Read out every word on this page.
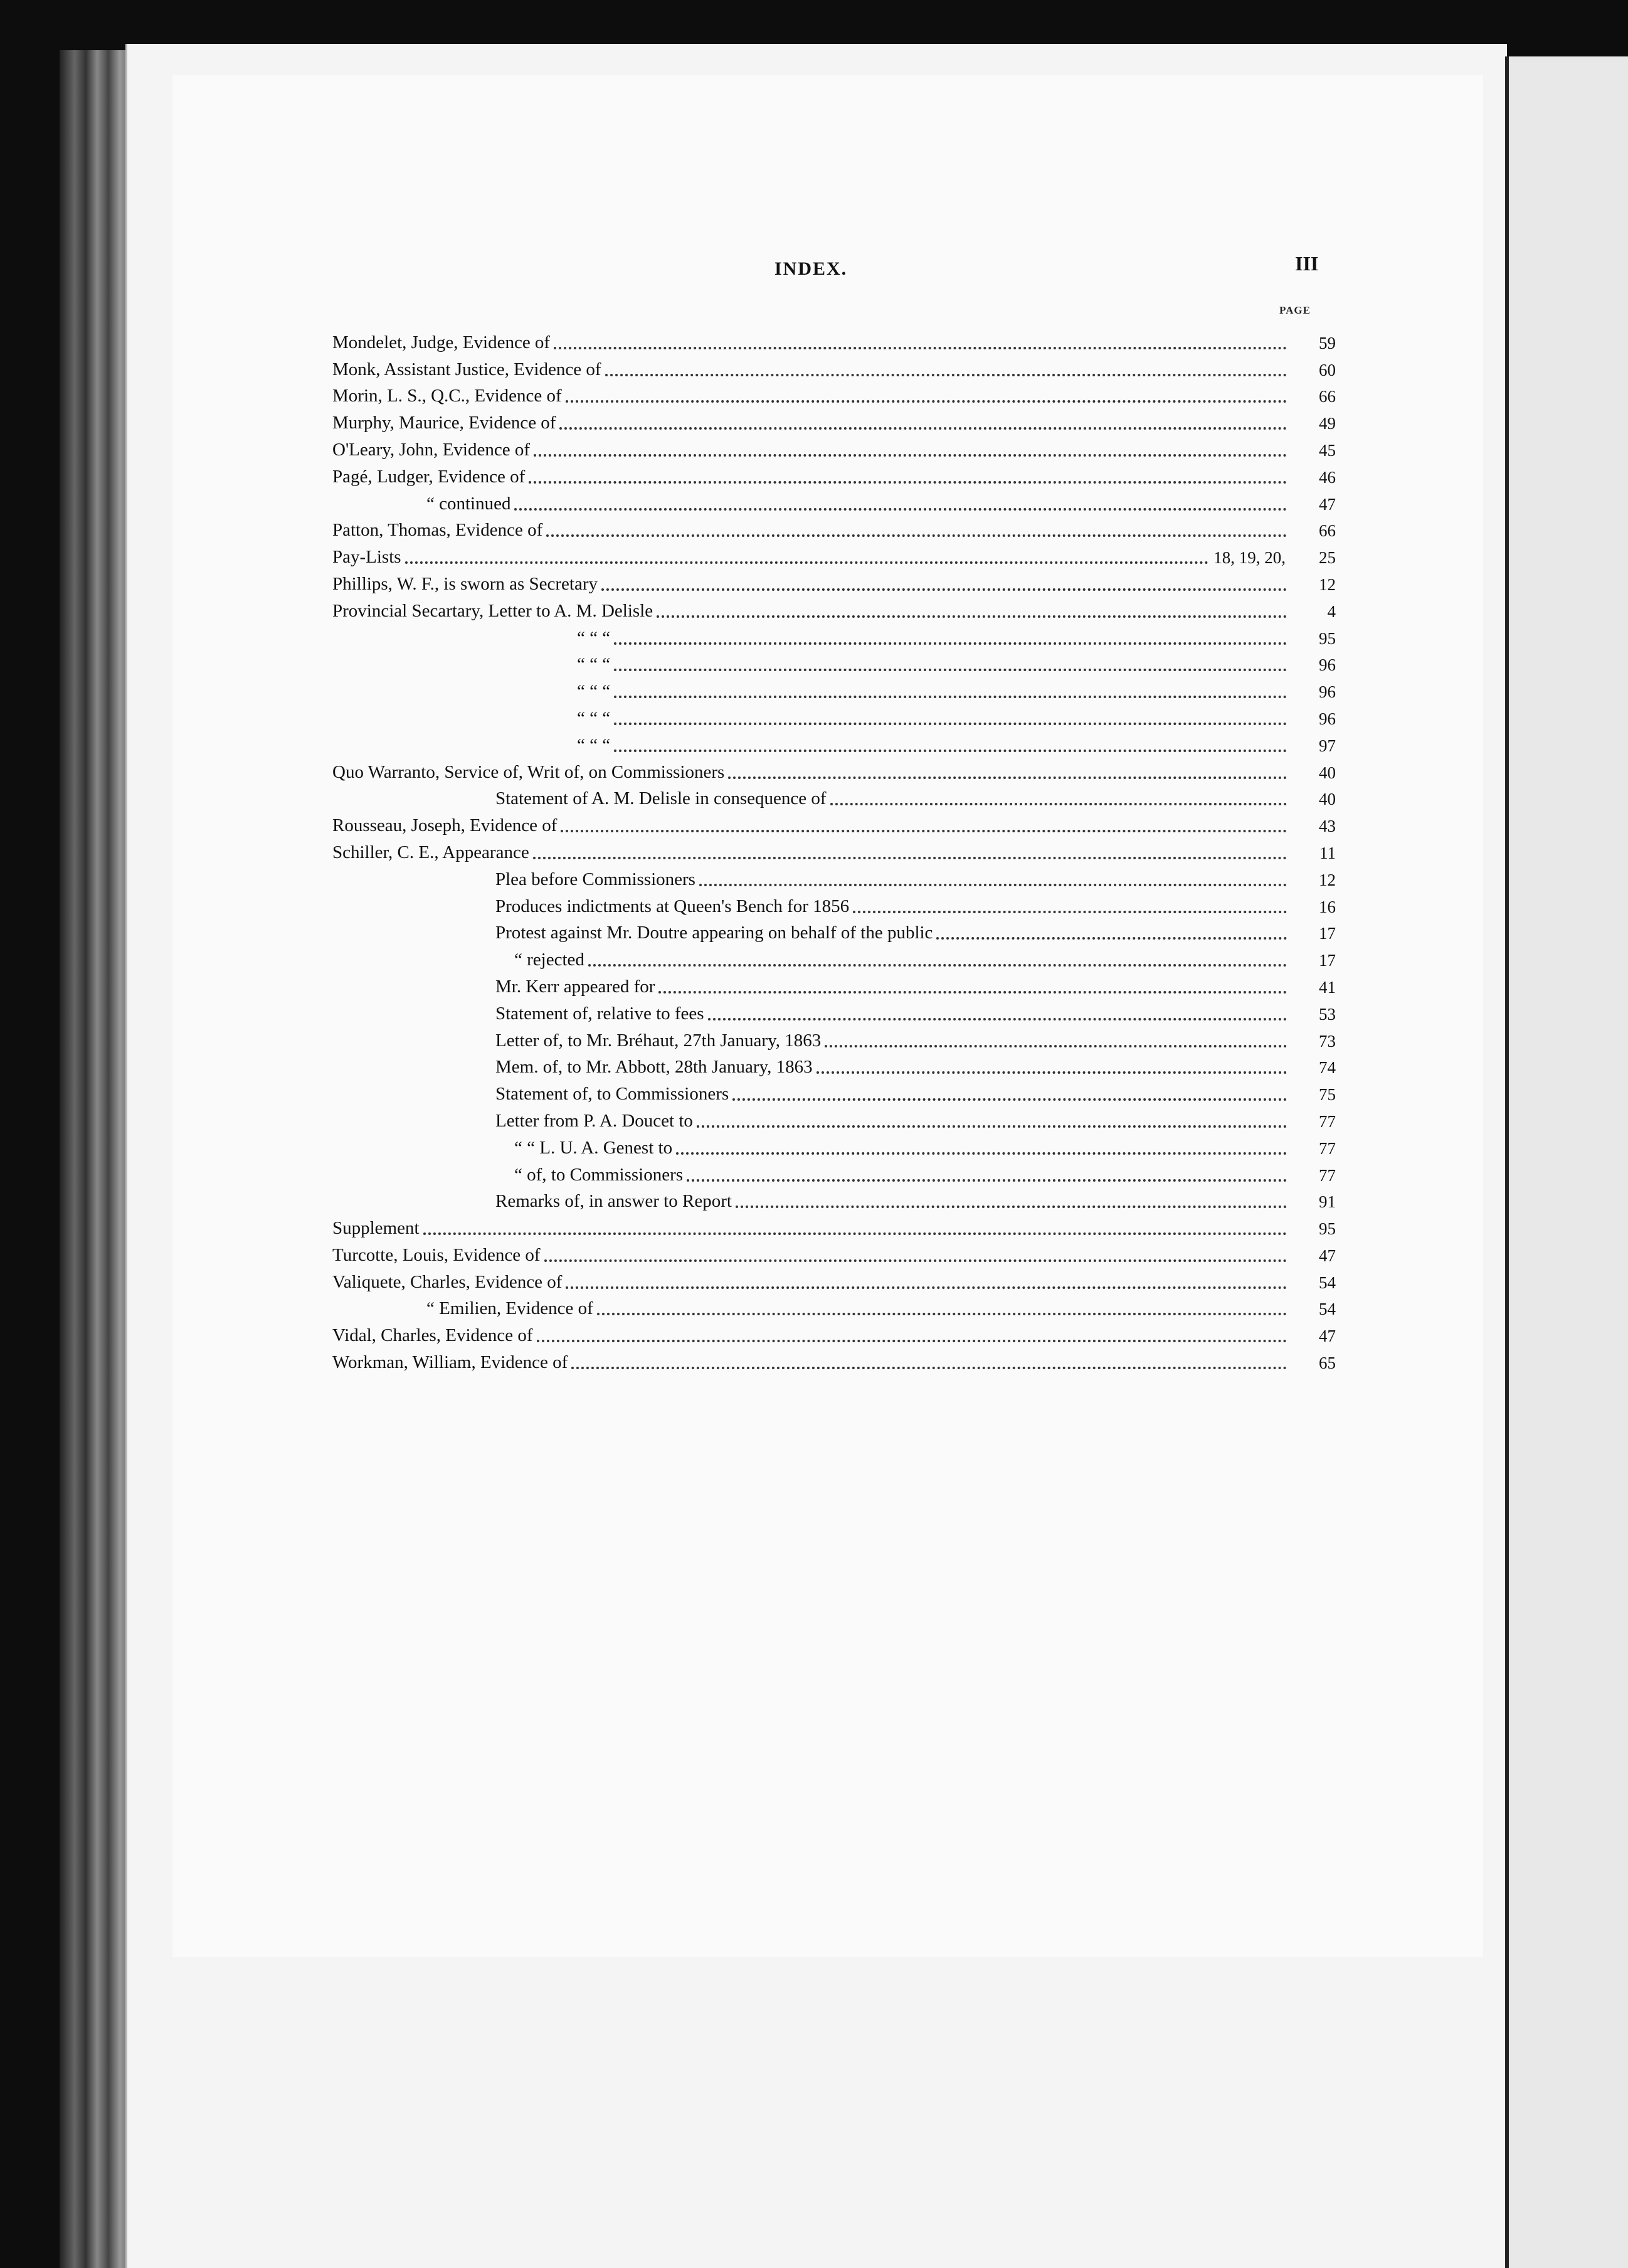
INDEX.	III
PAGE
Mondelet, Judge, Evidence of	59
Monk, Assistant Justice, Evidence of	60
Morin, L. S., Q.C., Evidence of	66
Murphy, Maurice, Evidence of	49
O'Leary, John, Evidence of	45
Pagé, Ludger, Evidence of	46
“ continued	47
Patton, Thomas, Evidence of	66
Pay-Lists	18, 19, 20,	25
Phillips, W. F., is sworn as Secretary	12
Provincial Secartary, Letter to A. M. Delisle	4
“ “ “	95
“ “ “	96
“ “ “	96
“ “ “	96
“ “ “	97
Quo Warranto, Service of, Writ of, on Commissioners	40
Statement of A. M. Delisle in consequence of	40
Rousseau, Joseph, Evidence of	43
Schiller, C. E., Appearance	11
Plea before Commissioners	12
Produces indictments at Queen's Bench for 1856	16
Protest against Mr. Doutre appearing on behalf of the public	17
“ rejected	17
Mr. Kerr appeared for	41
Statement of, relative to fees	53
Letter of, to Mr. Bréhaut, 27th January, 1863	73
Mem. of, to Mr. Abbott, 28th January, 1863	74
Statement of, to Commissioners	75
Letter from P. A. Doucet to	77
“ “ L. U. A. Genest to	77
“ of, to Commissioners	77
Remarks of, in answer to Report	91
Supplement	95
Turcotte, Louis, Evidence of	47
Valiquete, Charles, Evidence of	54
“ Emilien, Evidence of	54
Vidal, Charles, Evidence of	47
Workman, William, Evidence of	65
